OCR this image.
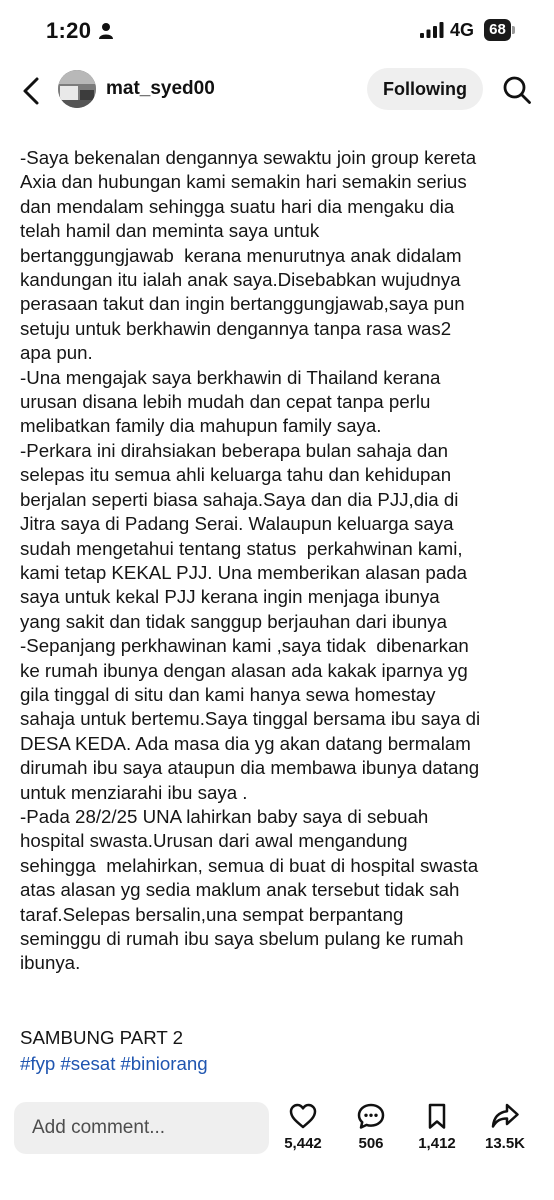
1:20	4G	68
mat_syed00	Following
-Saya bekenalan dengannya sewaktu join group kereta
Axia dan hubungan kami semakin hari semakin serius
dan mendalam sehingga suatu hari dia mengaku dia
telah hamil dan meminta saya untuk
bertanggungjawab  kerana menurutnya anak didalam
kandungan itu ialah anak saya.Disebabkan wujudnya
perasaan takut dan ingin bertanggungjawab,saya pun
setuju untuk berkhawin dengannya tanpa rasa was2
apa pun.
-Una mengajak saya berkhawin di Thailand kerana
urusan disana lebih mudah dan cepat tanpa perlu
melibatkan family dia mahupun family saya.
-Perkara ini dirahsiakan beberapa bulan sahaja dan
selepas itu semua ahli keluarga tahu dan kehidupan
berjalan seperti biasa sahaja.Saya dan dia PJJ,dia di
Jitra saya di Padang Serai. Walaupun keluarga saya
sudah mengetahui tentang status  perkahwinan kami,
kami tetap KEKAL PJJ. Una memberikan alasan pada
saya untuk kekal PJJ kerana ingin menjaga ibunya
yang sakit dan tidak sanggup berjauhan dari ibunya
-Sepanjang perkhawinan kami ,saya tidak  dibenarkan
ke rumah ibunya dengan alasan ada kakak iparnya yg
gila tinggal di situ dan kami hanya sewa homestay
sahaja untuk bertemu.Saya tinggal bersama ibu saya di
DESA KEDA. Ada masa dia yg akan datang bermalam
dirumah ibu saya ataupun dia membawa ibunya datang
untuk menziarahi ibu saya .
-Pada 28/2/25 UNA lahirkan baby saya di sebuah
hospital swasta.Urusan dari awal mengandung
sehingga  melahirkan, semua di buat di hospital swasta
atas alasan yg sedia maklum anak tersebut tidak sah
taraf.Selepas bersalin,una sempat berpantang
seminggu di rumah ibu saya sbelum pulang ke rumah
ibunya.
SAMBUNG PART 2
#fyp #sesat #biniorang
Add comment...
5,442	506	1,412	13.5K
